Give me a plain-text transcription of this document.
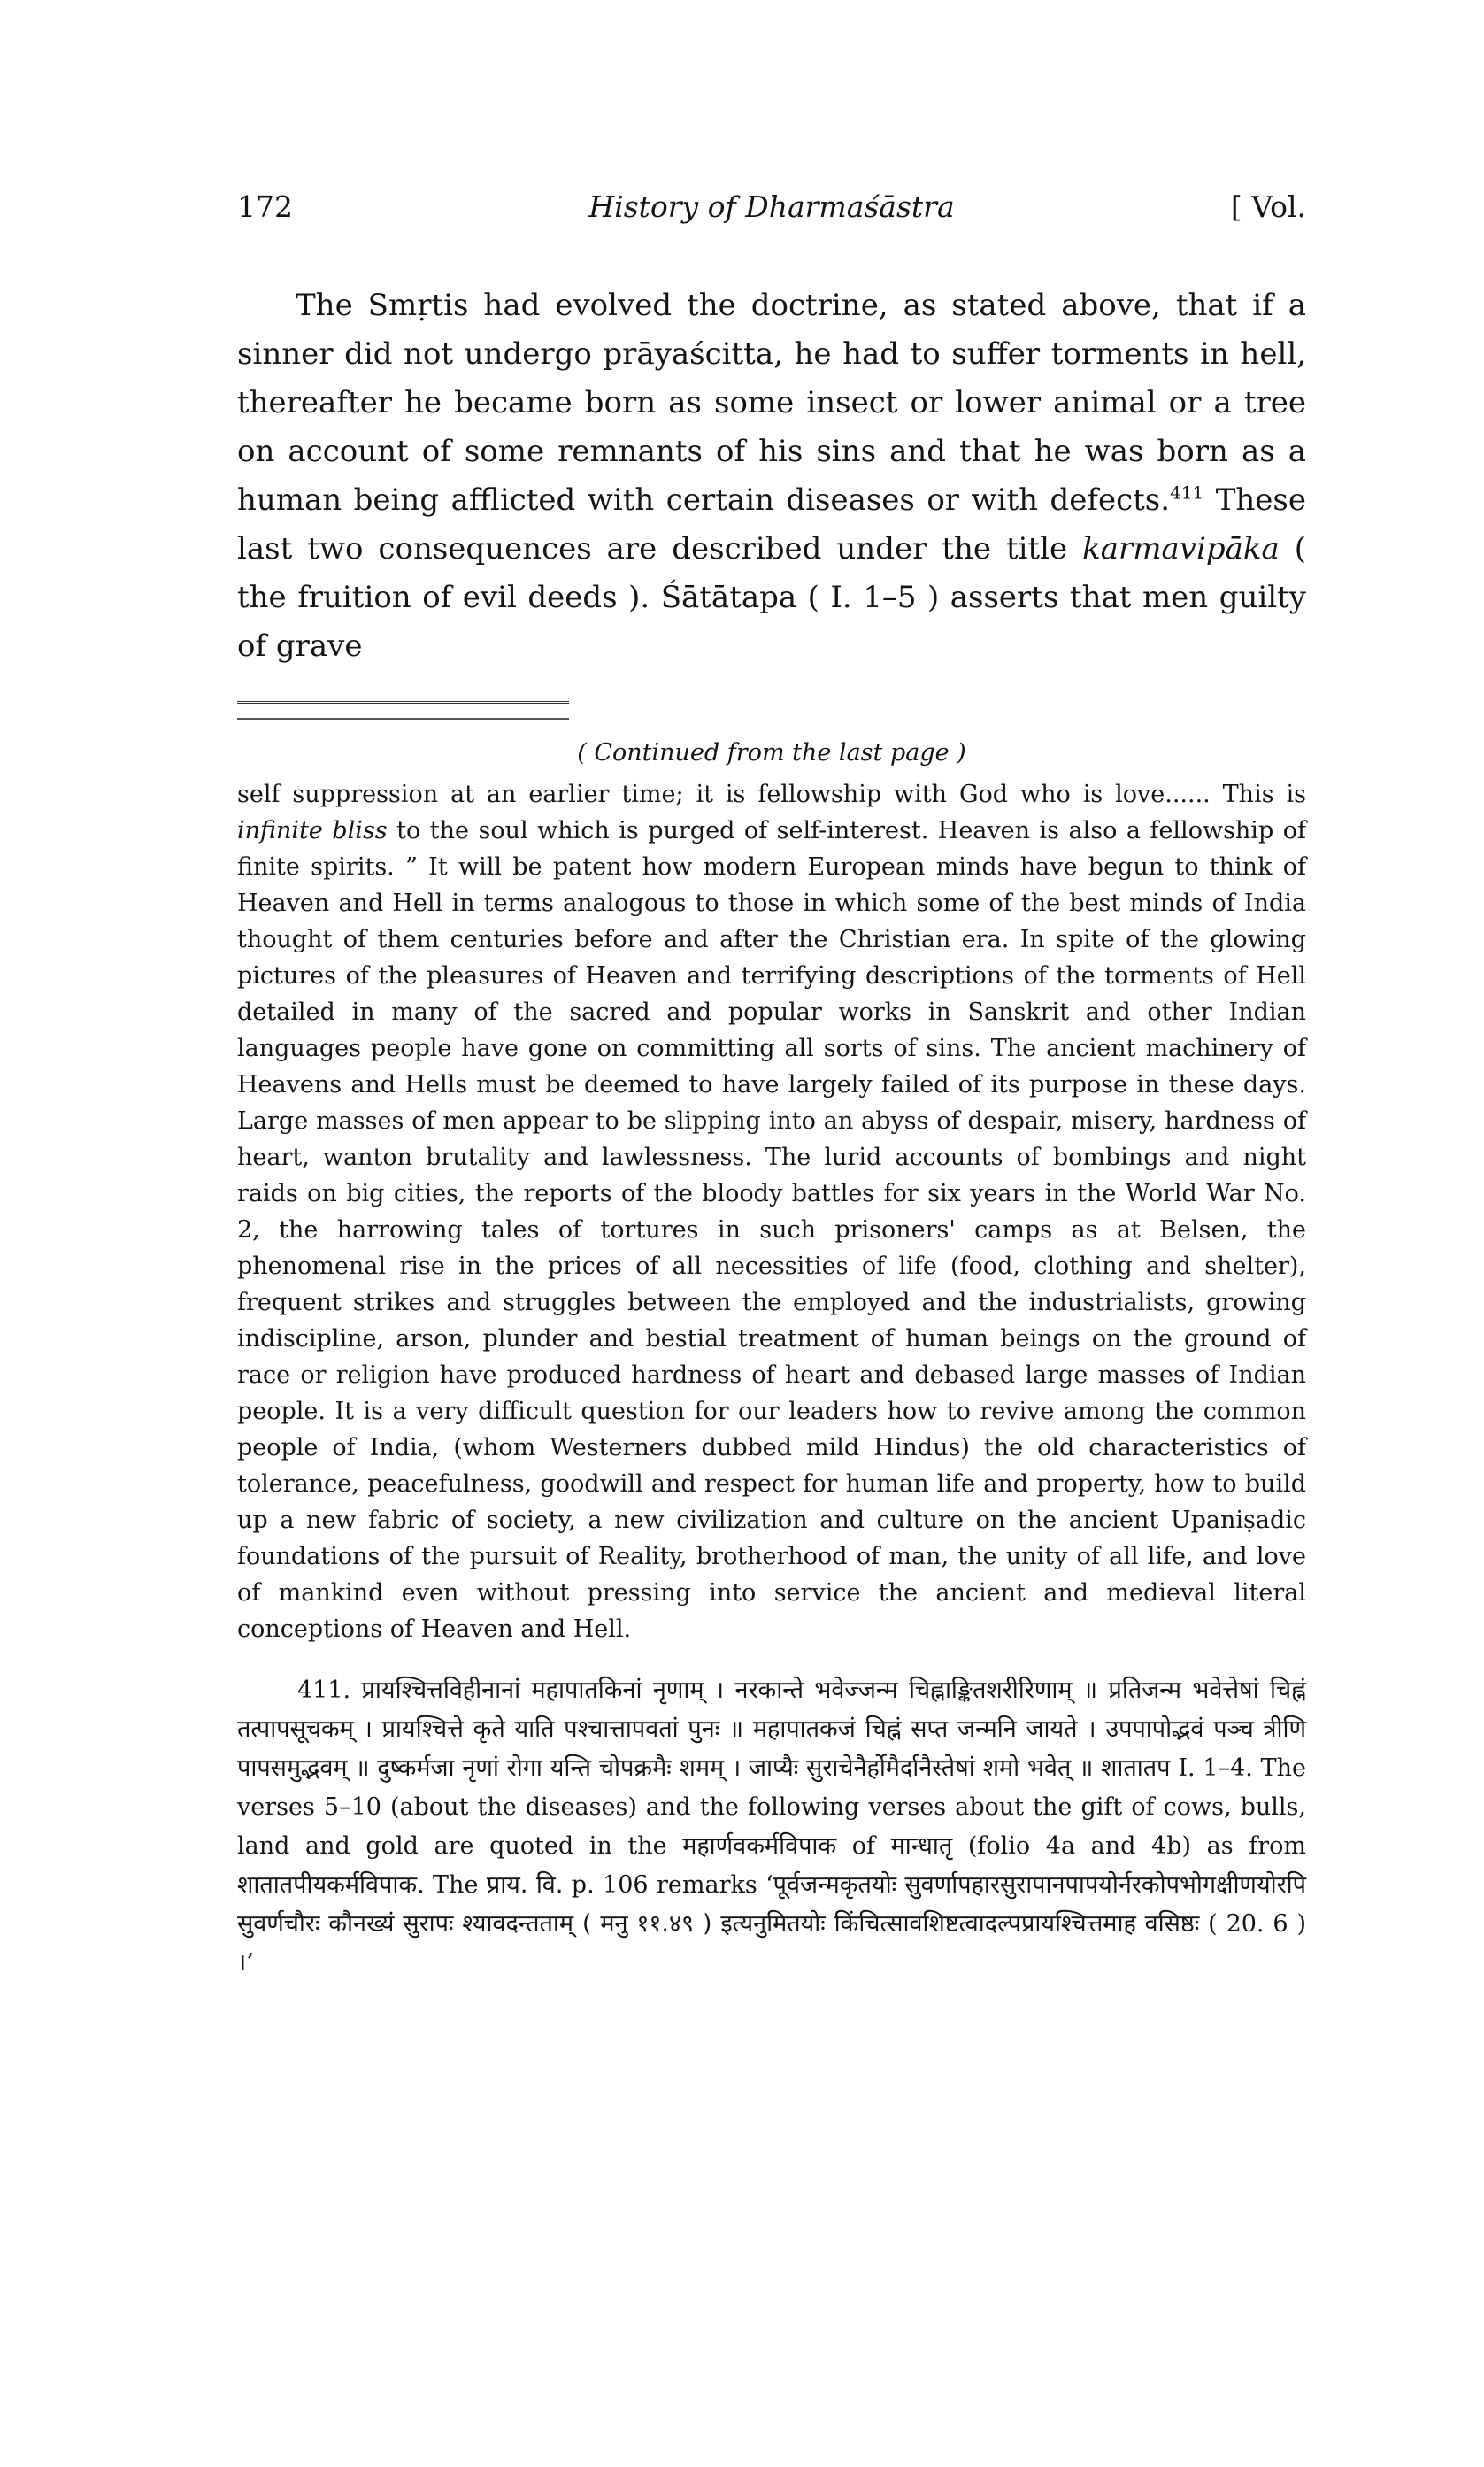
172	History of Dharmaśāstra	[ Vol.

The Smṛtis had evolved the doctrine, as stated above, that if a sinner did not undergo prāyaścitta, he had to suffer torments in hell, thereafter he became born as some insect or lower animal or a tree on account of some remnants of his sins and that he was born as a human being afflicted with certain diseases or with defects.$^{411}$ These last two consequences are described under the title karmavipāka ( the fruition of evil deeds ). Śātātapa ( I. 1–5 ) asserts that men guilty of grave

( Continued from the last page )

self suppression at an earlier time; it is fellowship with God who is love...... This is infinite bliss to the soul which is purged of self-interest. Heaven is also a fellowship of finite spirits. ” It will be patent how modern European minds have begun to think of Heaven and Hell in terms analogous to those in which some of the best minds of India thought of them centuries before and after the Christian era. In spite of the glowing pictures of the pleasures of Heaven and terrifying descriptions of the torments of Hell detailed in many of the sacred and popular works in Sanskrit and other Indian languages people have gone on committing all sorts of sins. The ancient machinery of Heavens and Hells must be deemed to have largely failed of its purpose in these days. Large masses of men appear to be slipping into an abyss of despair, misery, hardness of heart, wanton brutality and lawlessness. The lurid accounts of bombings and night raids on big cities, the reports of the bloody battles for six years in the World War No. 2, the harrowing tales of tortures in such prisoners' camps as at Belsen, the phenomenal rise in the prices of all necessities of life (food, clothing and shelter), frequent strikes and struggles between the employed and the industrialists, growing indiscipline, arson, plunder and bestial treatment of human beings on the ground of race or religion have produced hardness of heart and debased large masses of Indian people. It is a very difficult question for our leaders how to revive among the common people of India, (whom Westerners dubbed mild Hindus) the old characteristics of tolerance, peacefulness, goodwill and respect for human life and property, how to build up a new fabric of society, a new civilization and culture on the ancient Upaniṣadic foundations of the pursuit of Reality, brotherhood of man, the unity of all life, and love of mankind even without pressing into service the ancient and medieval literal conceptions of Heaven and Hell.

411. प्रायश्चित्तविहीनानां महापातकिनां नृणाम् । नरकान्ते भवेज्जन्म चिह्नाङ्कितशरीरिणाम् ॥ प्रतिजन्म भवेत्तेषां चिह्नं तत्पापसूचकम् । प्रायश्चित्ते कृते याति पश्चात्तापवतां पुनः ॥ महापातकजं चिह्नं सप्त जन्मनि जायते । उपपापोद्भवं पञ्च त्रीणि पापसमुद्भवम् ॥ दुष्कर्मजा नृणां रोगा यन्ति चोपक्रमैः शमम् । जाप्यैः सुराचेनैर्होमैर्दानैस्तेषां शमो भवेत् ॥ शातातप I. 1–4. The verses 5–10 (about the diseases) and the following verses about the gift of cows, bulls, land and gold are quoted in the महार्णवकर्मविपाक of मान्धातृ (folio 4a and 4b) as from शातातपीयकर्मविपाक. The प्राय. वि. p. 106 remarks ‘पूर्वजन्मकृतयोः सुवर्णापहारसुरापानपापयोर्नरकोपभोगक्षीणयोरपि सुवर्णचौरः कौनख्यं सुरापः श्यावदन्तताम् ( मनु ११.४९ ) इत्यनुमितयोः किंचित्सावशिष्टत्वादल्पप्रायश्चित्तमाह वसिष्ठः ( 20. 6 ) ।’
